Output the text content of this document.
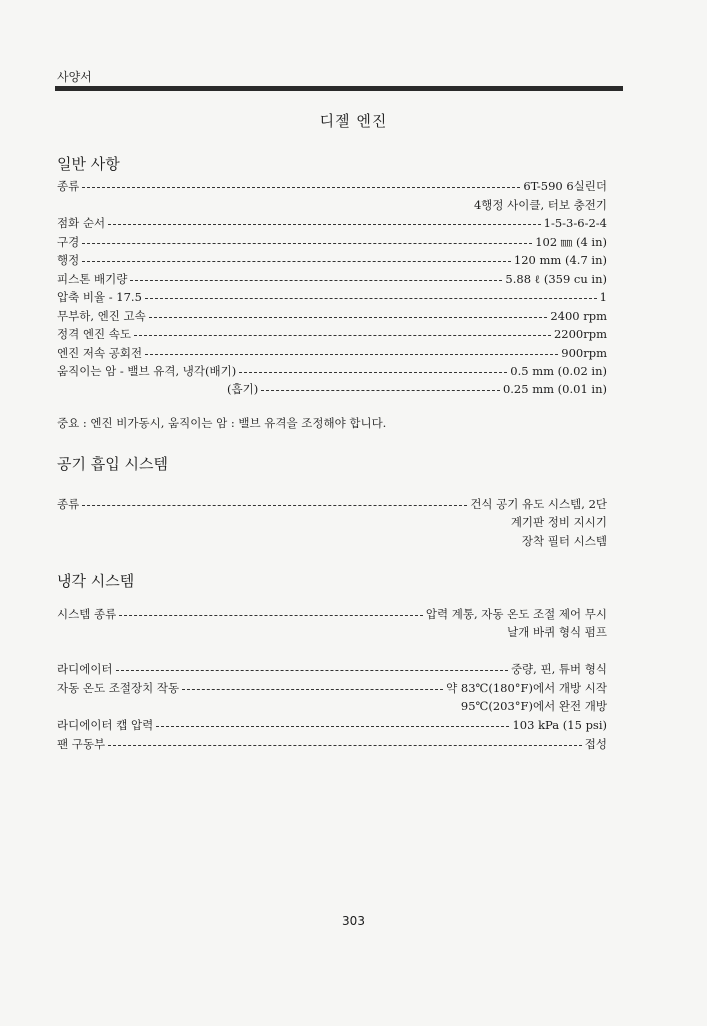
사양서
디젤 엔진
일반 사항
종류	6T-590 6실린더
4행정 사이클, 터보 충전기
점화 순서	1-5-3-6-2-4
구경	102 ㎜ (4 in)
행정	120 mm (4.7 in)
피스톤 배기량	5.88 ℓ (359 cu in)
압축 비율 - 17.5	1
무부하, 엔진 고속	2400 rpm
정격 엔진 속도	2200rpm
엔진 저속 공회전	900rpm
움직이는 암 - 밸브 유격, 냉각(배기)	0.5 mm (0.02 in)
(흡기)	0.25 mm (0.01 in)
중요 : 엔진 비가동시, 움직이는 암 : 밸브 유격을 조정해야 합니다.
공기 흡입 시스템
종류	건식 공기 유도 시스템, 2단
계기판 정비 지시기
장착 필터 시스템
냉각 시스템
시스템 종류	압력 계통, 자동 온도 조절 제어 무시
날개 바퀴 형식 펌프
라디에이터	중량, 핀, 튜버 형식
자동 온도 조절장치 작동	약 83℃(180°F)에서 개방 시작
95℃(203°F)에서 완전 개방
라디에이터 캡 압력	103 kPa (15 psi)
팬 구동부	접성
303
